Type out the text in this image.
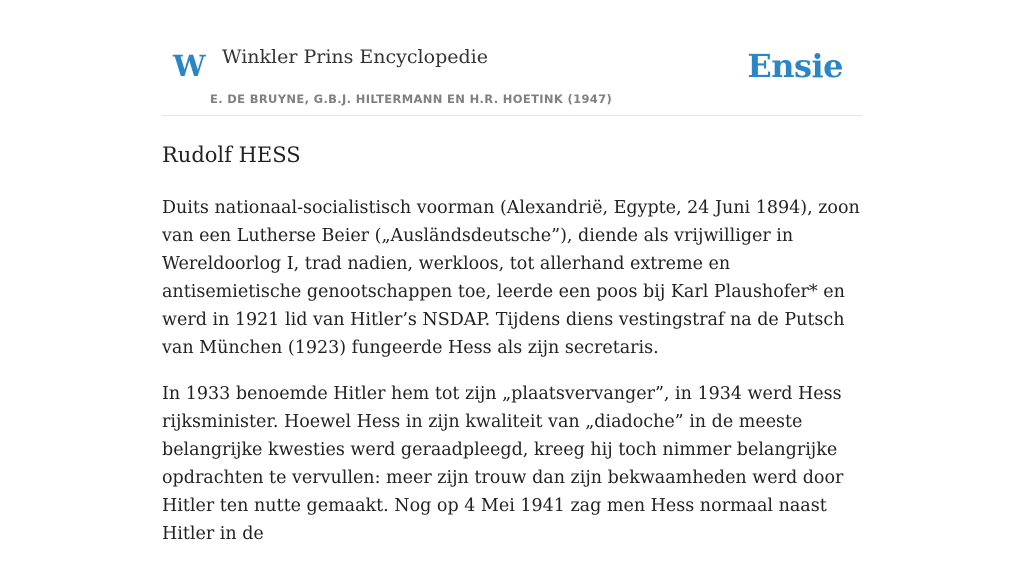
W Winkler Prins Encyclopedie
E. DE BRUYNE, G.B.J. HILTERMANN EN H.R. HOETINK (1947)
Ensie
Rudolf HESS

Duits nationaal-socialistisch voorman (Alexandrië, Egypte, 24 Juni 1894), zoon van een Lutherse Beier („Ausländsdeutsche”), diende als vrijwilliger in Wereldoorlog I, trad nadien, werkloos, tot allerhand extreme en antisemietische genootschappen toe, leerde een poos bij Karl Plaushofer* en werd in 1921 lid van Hitler’s NSDAP. Tijdens diens vestingstraf na de Putsch van München (1923) fungeerde Hess als zijn secretaris.

In 1933 benoemde Hitler hem tot zijn „plaatsvervanger”, in 1934 werd Hess rijksminister. Hoewel Hess in zijn kwaliteit van „diadoche” in de meeste belangrijke kwesties werd geraadpleegd, kreeg hij toch nimmer belangrijke opdrachten te vervullen: meer zijn trouw dan zijn bekwaamheden werd door Hitler ten nutte gemaakt. Nog op 4 Mei 1941 zag men Hess normaal naast Hitler in de
